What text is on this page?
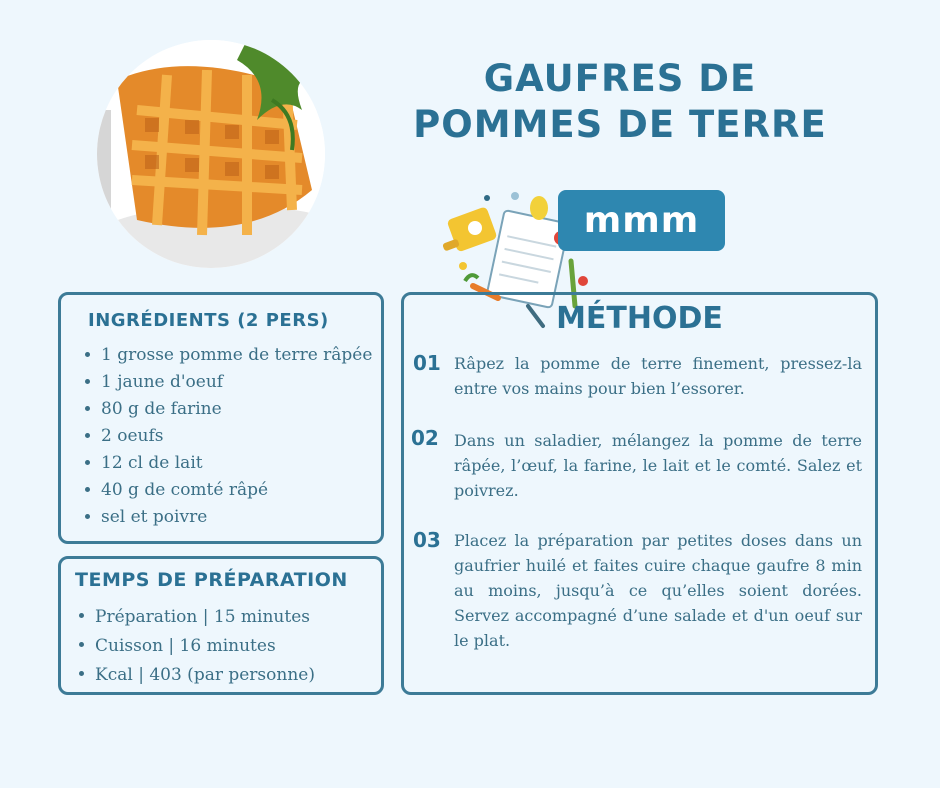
GAUFRES DE POMMES DE TERRE
mmm
INGRÉDIENTS (2 PERS)
1 grosse pomme de terre râpée
1 jaune d'oeuf
80 g de farine
2 oeufs
12 cl de lait
40 g de comté râpé
sel et poivre
TEMPS DE PRÉPARATION
Préparation | 15 minutes
Cuisson | 16 minutes
Kcal | 403 (par personne)
MÉTHODE
01 Râpez la pomme de terre finement, pressez-la entre vos mains pour bien l’essorer.
02 Dans un saladier, mélangez la pomme de terre râpée, l’œuf, la farine, le lait et le comté. Salez et poivrez.
03 Placez la préparation par petites doses dans un gaufrier huilé et faites cuire chaque gaufre 8 min au moins, jusqu’à ce qu’elles soient dorées. Servez accompagné d’une salade et d'un oeuf sur le plat.
